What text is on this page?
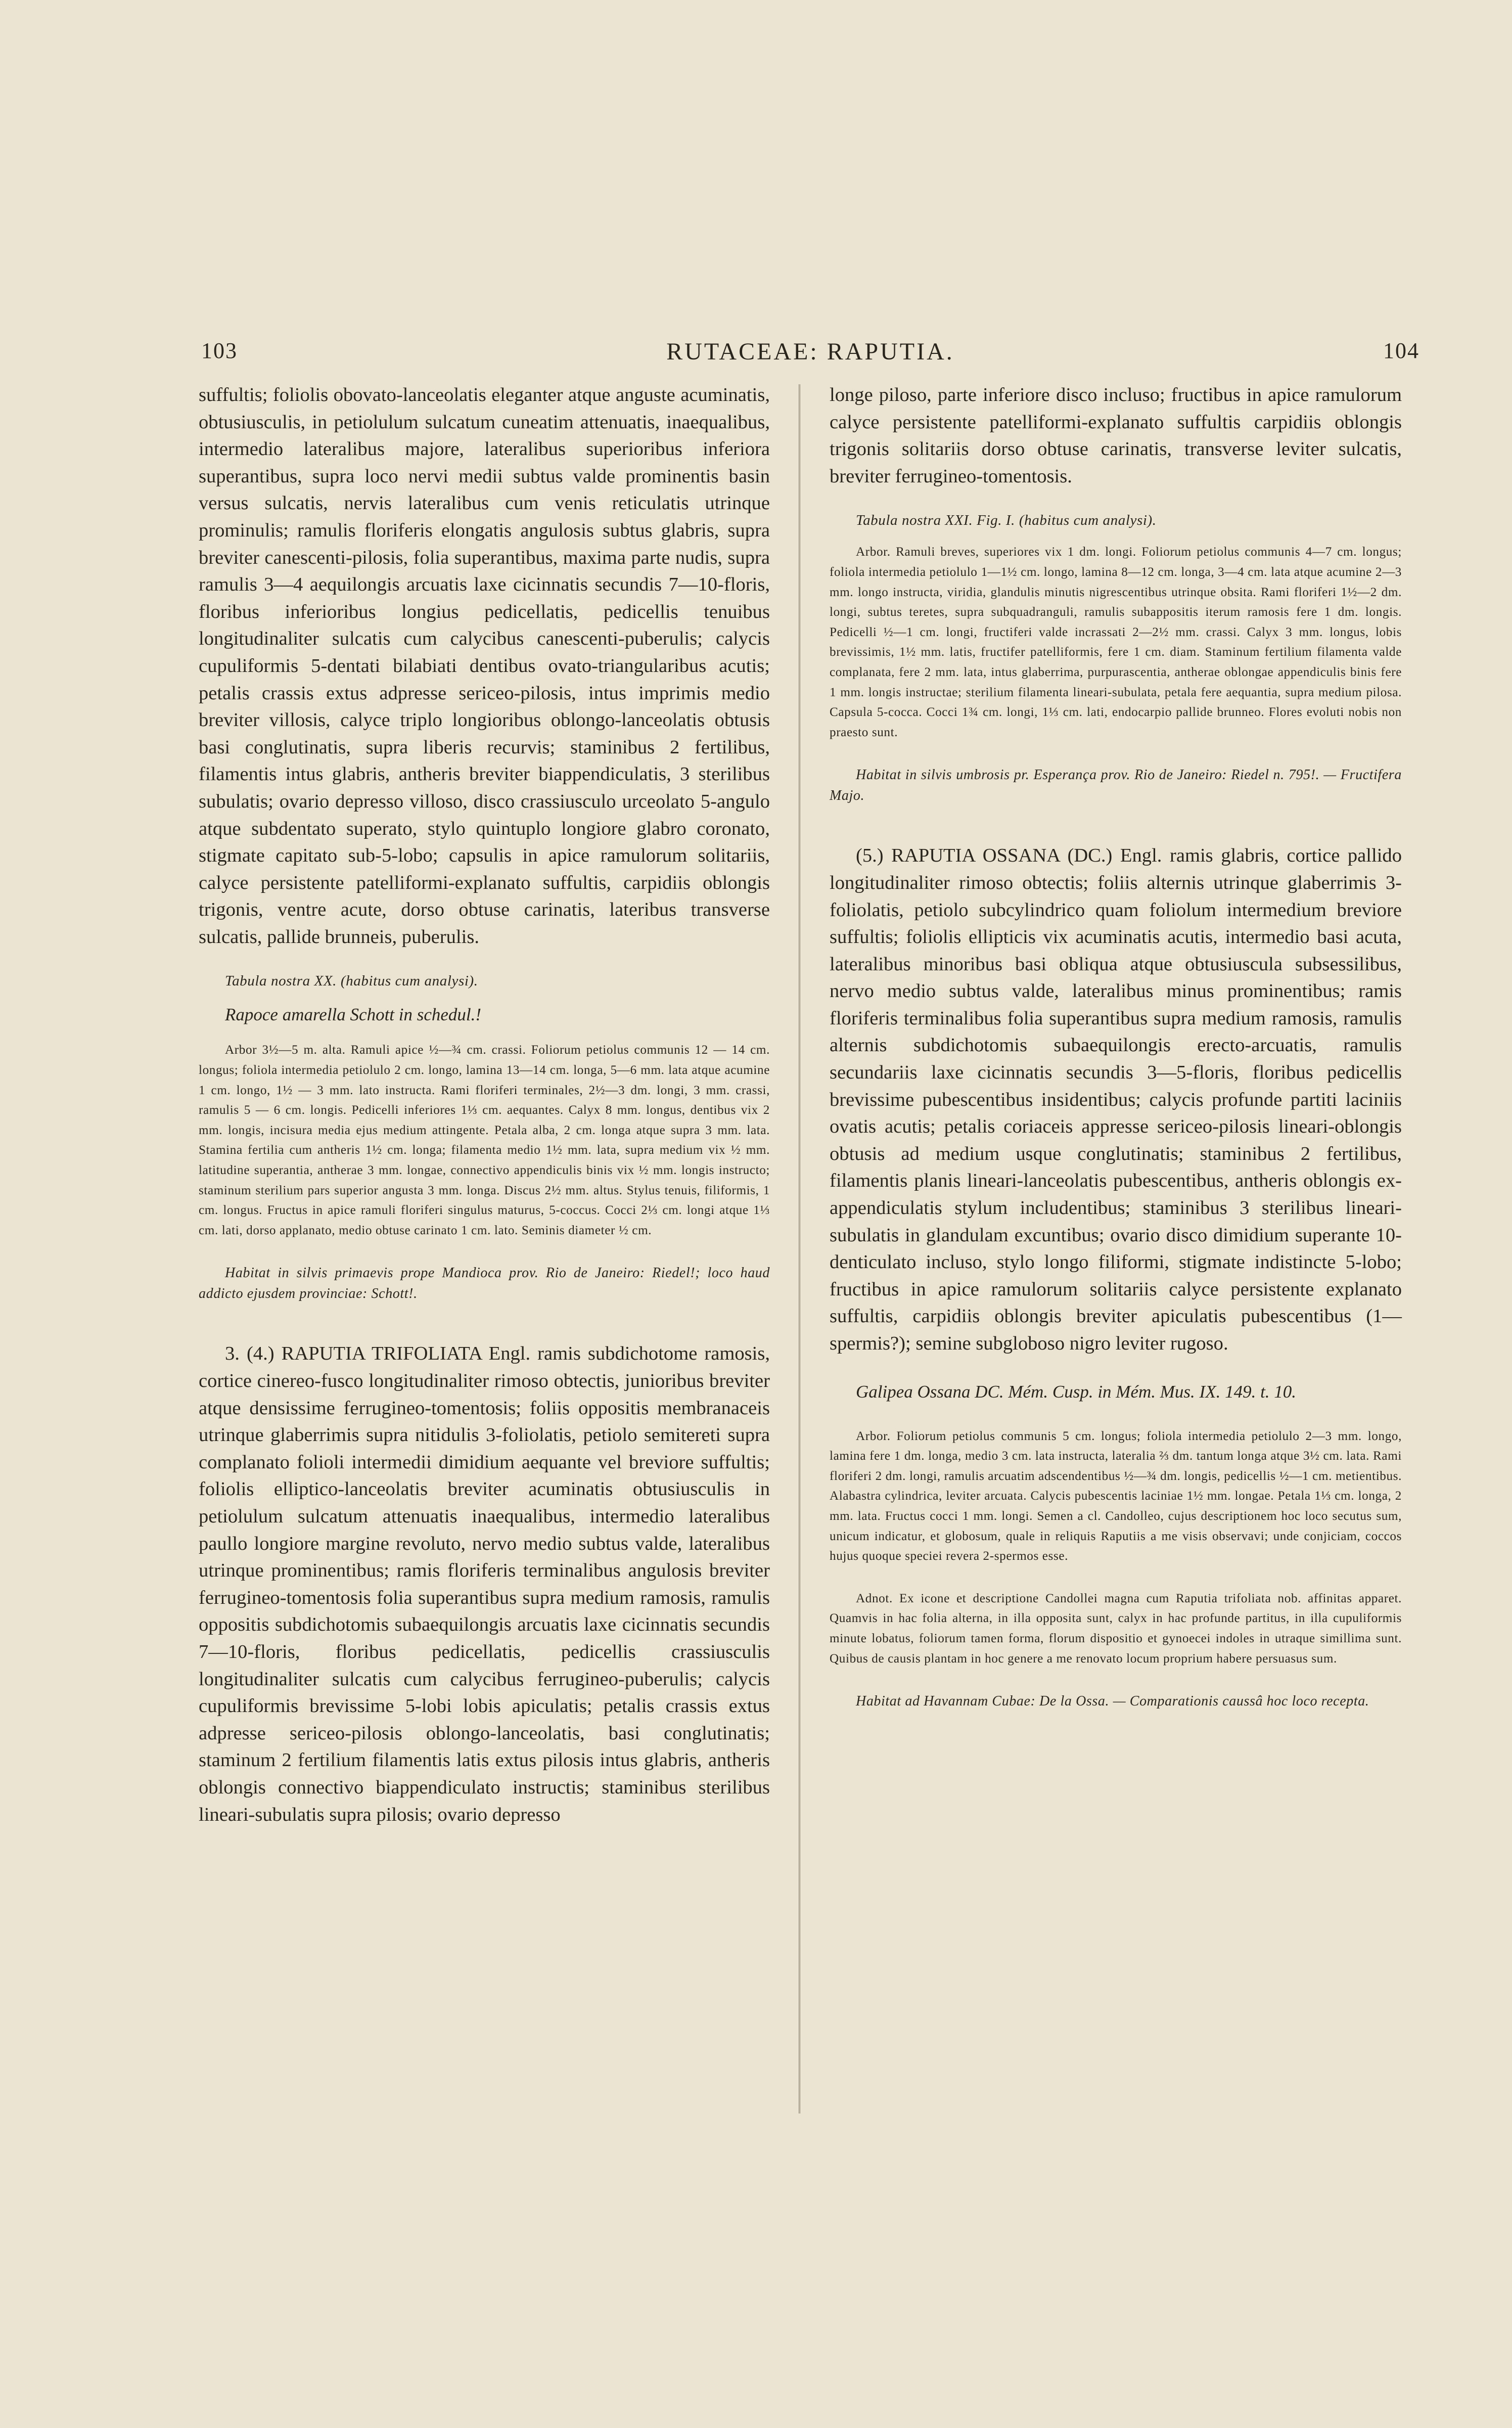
103	RUTACEAE: RAPUTIA.	104

suffultis; foliolis obovato-lanceolatis eleganter atque anguste acuminatis, obtusiusculis, in petiolulum sulcatum cuneatim attenuatis, inaequalibus, intermedio lateralibus majore, lateralibus superioribus inferiora superantibus, supra loco nervi medii subtus valde prominentis basin versus sulcatis, nervis lateralibus cum venis reticulatis utrinque prominulis; ramulis floriferis elongatis angulosis subtus glabris, supra breviter canescenti-pilosis, folia superantibus, maxima parte nudis, supra ramulis 3—4 aequilongis arcuatis laxe cicinnatis secundis 7—10-floris, floribus inferioribus longius pedicellatis, pedicellis tenuibus longitudinaliter sulcatis cum calycibus canescenti-puberulis; calycis cupuliformis 5-dentati bilabiati dentibus ovato-triangularibus acutis; petalis crassis extus adpresse sericeo-pilosis, intus imprimis medio breviter villosis, calyce triplo longioribus oblongo-lanceolatis obtusis basi conglutinatis, supra liberis recurvis; staminibus 2 fertilibus, filamentis intus glabris, antheris breviter biappendiculatis, 3 sterilibus subulatis; ovario depresso villoso, disco crassiusculo urceolato 5-angulo atque subdentato superato, stylo quintuplo longiore glabro coronato, stigmate capitato sub-5-lobo; capsulis in apice ramulorum solitariis, calyce persistente patelliformi-explanato suffultis, carpidiis oblongis trigonis, ventre acute, dorso obtuse carinatis, lateribus transverse sulcatis, pallide brunneis, puberulis.

Tabula nostra XX. (habitus cum analysi).

Rapoce amarella Schott in schedul.!

Arbor 3½—5 m. alta. Ramuli apice ½—¾ cm. crassi. Foliorum petiolus communis 12 — 14 cm. longus; foliola intermedia petiolulo 2 cm. longo, lamina 13—14 cm. longa, 5—6 mm. lata atque acumine 1 cm. longo, 1½ — 3 mm. lato instructa. Rami floriferi terminales, 2½—3 dm. longi, 3 mm. crassi, ramulis 5 — 6 cm. longis. Pedicelli inferiores 1⅓ cm. aequantes. Calyx 8 mm. longus, dentibus vix 2 mm. longis, incisura media ejus medium attingente. Petala alba, 2 cm. longa atque supra 3 mm. lata. Stamina fertilia cum antheris 1½ cm. longa; filamenta medio 1½ mm. lata, supra medium vix ½ mm. latitudine superantia, antherae 3 mm. longae, connectivo appendiculis binis vix ½ mm. longis instructo; staminum sterilium pars superior angusta 3 mm. longa. Discus 2½ mm. altus. Stylus tenuis, filiformis, 1 cm. longus. Fructus in apice ramuli floriferi singulus maturus, 5-coccus. Cocci 2⅓ cm. longi atque 1⅓ cm. lati, dorso applanato, medio obtuse carinato 1 cm. lato. Seminis diameter ½ cm.

Habitat in silvis primaevis prope Mandioca prov. Rio de Janeiro: Riedel!; loco haud addicto ejusdem provinciae: Schott!.

3. (4.) RAPUTIA TRIFOLIATA Engl. ramis subdichotome ramosis, cortice cinereo-fusco longitudinaliter rimoso obtectis, junioribus breviter atque densissime ferrugineo-tomentosis; foliis oppositis membranaceis utrinque glaberrimis supra nitidulis 3-foliolatis, petiolo semitereti supra complanato folioli intermedii dimidium aequante vel breviore suffultis; foliolis elliptico-lanceolatis breviter acuminatis obtusiusculis in petiolulum sulcatum attenuatis inaequalibus, intermedio lateralibus paullo longiore margine revoluto, nervo medio subtus valde, lateralibus utrinque prominentibus; ramis floriferis terminalibus angulosis breviter ferrugineo-tomentosis folia superantibus supra medium ramosis, ramulis oppositis subdichotomis subaequilongis arcuatis laxe cicinnatis secundis 7—10-floris, floribus pedicellatis, pedicellis crassiusculis longitudinaliter sulcatis cum calycibus ferrugineo-puberulis; calycis cupuliformis brevissime 5-lobi lobis apiculatis; petalis crassis extus adpresse sericeo-pilosis oblongo-lanceolatis, basi conglutinatis; staminum 2 fertilium filamentis latis extus pilosis intus glabris, antheris oblongis connectivo biappendiculato instructis; staminibus sterilibus lineari-subulatis supra pilosis; ovario depresso

longe piloso, parte inferiore disco incluso; fructibus in apice ramulorum calyce persistente patelliformi-explanato suffultis carpidiis oblongis trigonis solitariis dorso obtuse carinatis, transverse leviter sulcatis, breviter ferrugineo-tomentosis.

Tabula nostra XXI. Fig. I. (habitus cum analysi).

Arbor. Ramuli breves, superiores vix 1 dm. longi. Foliorum petiolus communis 4—7 cm. longus; foliola intermedia petiolulo 1—1½ cm. longo, lamina 8—12 cm. longa, 3—4 cm. lata atque acumine 2—3 mm. longo instructa, viridia, glandulis minutis nigrescentibus utrinque obsita. Rami floriferi 1½—2 dm. longi, subtus teretes, supra subquadranguli, ramulis subappositis iterum ramosis fere 1 dm. longis. Pedicelli ½—1 cm. longi, fructiferi valde incrassati 2—2½ mm. crassi. Calyx 3 mm. longus, lobis brevissimis, 1½ mm. latis, fructifer patelliformis, fere 1 cm. diam. Staminum fertilium filamenta valde complanata, fere 2 mm. lata, intus glaberrima, purpurascentia, antherae oblongae appendiculis binis fere 1 mm. longis instructae; sterilium filamenta lineari-subulata, petala fere aequantia, supra medium pilosa. Capsula 5-cocca. Cocci 1¾ cm. longi, 1⅓ cm. lati, endocarpio pallide brunneo. Flores evoluti nobis non praesto sunt.

Habitat in silvis umbrosis pr. Esperança prov. Rio de Janeiro: Riedel n. 795!. — Fructifera Majo.

(5.) RAPUTIA OSSANA (DC.) Engl. ramis glabris, cortice pallido longitudinaliter rimoso obtectis; foliis alternis utrinque glaberrimis 3-foliolatis, petiolo subcylindrico quam foliolum intermedium breviore suffultis; foliolis ellipticis vix acuminatis acutis, intermedio basi acuta, lateralibus minoribus basi obliqua atque obtusiuscula subsessilibus, nervo medio subtus valde, lateralibus minus prominentibus; ramis floriferis terminalibus folia superantibus supra medium ramosis, ramulis alternis subdichotomis subaequilongis erecto-arcuatis, ramulis secundariis laxe cicinnatis secundis 3—5-floris, floribus pedicellis brevissime pubescentibus insidentibus; calycis profunde partiti laciniis ovatis acutis; petalis coriaceis appresse sericeo-pilosis lineari-oblongis obtusis ad medium usque conglutinatis; staminibus 2 fertilibus, filamentis planis lineari-lanceolatis pubescentibus, antheris oblongis ex-appendiculatis stylum includentibus; staminibus 3 sterilibus lineari-subulatis in glandulam excuntibus; ovario disco dimidium superante 10-denticulato incluso, stylo longo filiformi, stigmate indistincte 5-lobo; fructibus in apice ramulorum solitariis calyce persistente explanato suffultis, carpidiis oblongis breviter apiculatis pubescentibus (1—spermis?); semine subgloboso nigro leviter rugoso.

Galipea Ossana DC. Mém. Cusp. in Mém. Mus. IX. 149. t. 10.

Arbor. Foliorum petiolus communis 5 cm. longus; foliola intermedia petiolulo 2—3 mm. longo, lamina fere 1 dm. longa, medio 3 cm. lata instructa, lateralia ⅔ dm. tantum longa atque 3½ cm. lata. Rami floriferi 2 dm. longi, ramulis arcuatim adscendentibus ½—¾ dm. longis, pedicellis ½—1 cm. metientibus. Alabastra cylindrica, leviter arcuata. Calycis pubescentis laciniae 1½ mm. longae. Petala 1⅓ cm. longa, 2 mm. lata. Fructus cocci 1 mm. longi. Semen a cl. Candolleo, cujus descriptionem hoc loco secutus sum, unicum indicatur, et globosum, quale in reliquis Raputiis a me visis observavi; unde conjiciam, coccos hujus quoque speciei revera 2-spermos esse.

Adnot. Ex icone et descriptione Candollei magna cum Raputia trifoliata nob. affinitas apparet. Quamvis in hac folia alterna, in illa opposita sunt, calyx in hac profunde partitus, in illa cupuliformis minute lobatus, foliorum tamen forma, florum dispositio et gynoecei indoles in utraque simillima sunt. Quibus de causis plantam in hoc genere a me renovato locum proprium habere persuasus sum.

Habitat ad Havannam Cubae: De la Ossa. — Comparationis caussâ hoc loco recepta.
